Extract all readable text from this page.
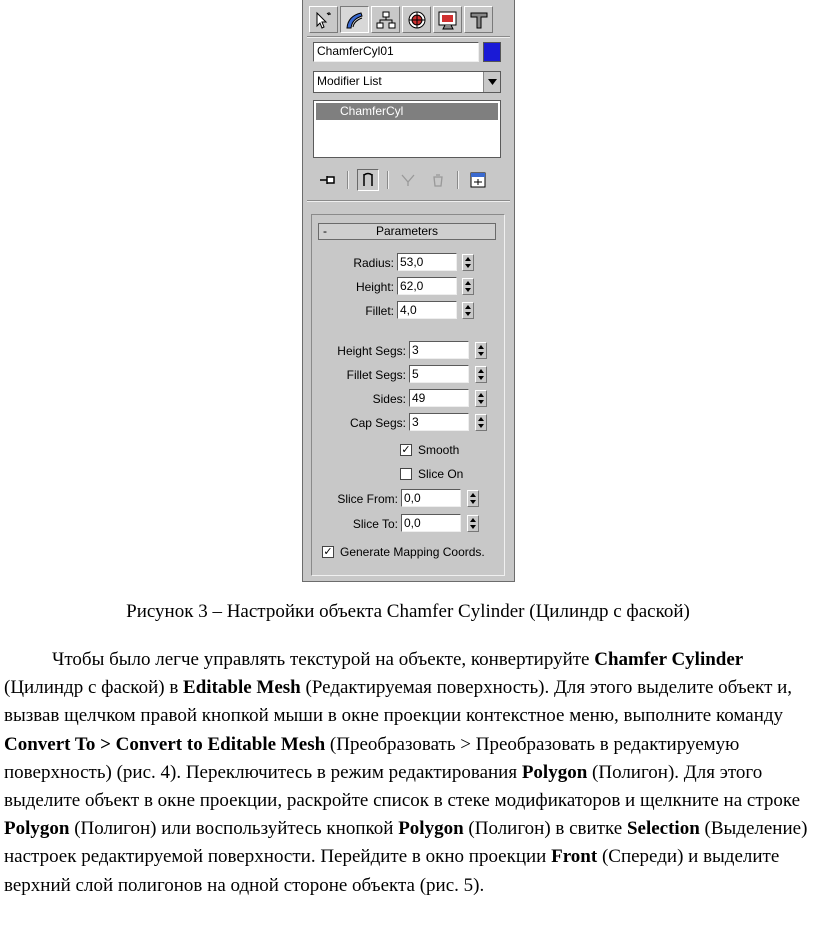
ChamferCyl01
Modifier List
ChamferCyl
-	Parameters
Radius: 53,0
Height: 62,0
Fillet: 4,0
Height Segs: 3
Fillet Segs: 5
Sides: 49
Cap Segs: 3
✓ Smooth
Slice On
Slice From: 0,0
Slice To: 0,0
✓ Generate Mapping Coords.
Рисунок 3 – Настройки объекта Chamfer Cylinder (Цилиндр с фаской)

Чтобы было легче управлять текстурой на объекте, конвертируйте Chamfer Cylinder (Цилиндр с фаской) в Editable Mesh (Редактируемая поверхность). Для этого выделите объект и, вызвав щелчком правой кнопкой мыши в окне проекции контекстное меню, выполните команду Convert To > Convert to Editable Mesh (Преобразовать > Преобразовать в редактируемую поверхность) (рис. 4). Переключитесь в режим редактирования Polygon (Полигон). Для этого выделите объект в окне проекции, раскройте список в стеке модификаторов и щелкните на строке Polygon (Полигон) или воспользуйтесь кнопкой Polygon (Полигон) в свитке Selection (Выделение) настроек редактируемой поверхности. Перейдите в окно проекции Front (Спереди) и выделите верхний слой полигонов на одной стороне объекта (рис. 5).
